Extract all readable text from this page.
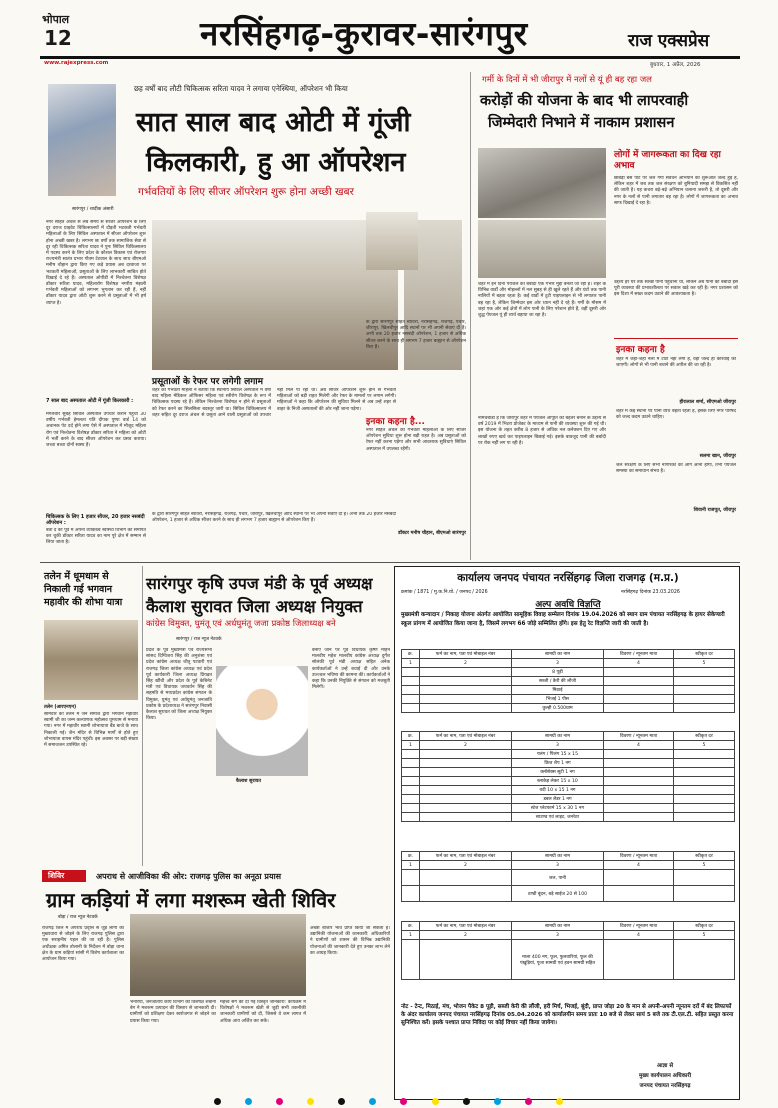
भोपाल
12	नरसिंहगढ़-कुरावर-सारंगपुर	राज एक्सप्रेस
www.rajexpress.com	बुधवार, 1 अप्रैल, 2026
छह वर्षों बाद लौटी चिकित्सक सरिता यादव ने लगाया एनेस्थिया, ऑपरेशन भी किया
सात साल बाद ओटी में गूंजी
किलकारी, हु आ ऑपरेशन
गर्भवतियों के लिए सीजर ऑपरेशन शुरू होना अच्छी खबर
सारंगपुर / शादीक अंसारी
नगर सहित अंचल से लंबे समय से सीजर ऑपरेशन के लिए दूर दराज प्राइवेट चिकित्सालयों में दौड़ती भटकती गर्भवती महिलाओं के लिए सिविल अस्पताल में सीजर ऑपरेशन शुरू होना अच्छी खबर है। लगभग छः वर्षों तक सामाजिक सेवा से दूर रही चिकित्सक सरिता यादव ने पुनः सिविल चिकित्सालय में पदस्थ करने के लिए प्रदेश के कौशल विकास एवं रोजगार राज्यमंत्री स्वतंत्र प्रभार गौतम टेटवाल के साथ साथ बीएमओ मनीष चौहान द्वारा किए गए कड़े प्रयास अब दरवाजा पर भटकती महिलाओं, प्रसूताओं के लिए लाभकारी साबित होते दिखाई दे रहे हैं। अस्पताल ओपीडी में निश्चेतना विशेषज्ञ डॉक्टर सरिता यादव, महिलारोग विशेषज्ञ नगरीय मंझली गर्भवती महिलाओं को लगभग भुगतान कर रही हैं, नहीं डॉक्टर यादव द्वारा ओटी शुरू करने से प्रसूताओं में भी हर्ष व्याप्त है।
7 साल बाद अस्पताल ओटी में गूंजी किलकारी :
मंगलवार सुबह सिविल अस्पताल उपचार कराने पहुंची 30 वर्षीय गर्भवती हेमलता पति दीपक पुष्पा वार्ड 14 को अचानक पेट दर्द होने लगा ऐसे में अस्पताल में मौजूद महिला रोग एवं निश्चेतना विशेषज्ञ डॉक्टर सरिता ने महिला को ओटी में भर्ती करने के बाद सीजर ऑपरेशन कर प्रसव कराया। जच्चा बच्चा दोनों स्वस्थ हैं।
चिकित्सक के लिए 1 हजार सीजर, 20 हजार नसबंदी ऑपरेशन :
बता दें की पूर्व में अपना व्यक्तित्व स्वास्थ्य विभाग को समर्पित कर चुकी डॉक्टर सरिता यादव का नाम पूरे क्षेत्र में सम्मान से लिया जाता है।
प्रसूताओं के रेफर पर लगेगी लगाम
शहर की गर्भवती महिला ने बताया कि स्थानीय सिविल अस्पताल में वर्षों बाद महिला मेडिकल ऑफिसर महिला एवं स्त्रीरोग विशेषज्ञ के रूप में चिकित्सक पदस्थ रहे हैं। लेकिन निश्चेतना विशेषज्ञ न होने से प्रसूताओं को रेफर करने का सिलसिला बदस्तूर जारी था। सिविल चिकित्सालय में शहर सहित दूर दराज अंचल से प्रसूता आने वाली प्रसूताओं को उपचार नहीं मिल पा रहा था। अब सीजर ऑपरेशन शुरू होने से गर्भवती महिलाओं को बड़ी राहत मिलेगी और रेफर के मामलों पर लगाम लगेगी। महिलाओं ने कहा कि ऑपरेशन की सुविधा मिलने से अब उन्हें शहर से बाहर के निजी अस्पतालों की ओर नहीं जाना पड़ेगा।
के द्वारा सारंगपुर सहित ब्यावरा, नरसिंहगढ़, राजगढ़, पचोर, जीरापुर, खिलचीपुर आदि स्थानों पर भी अपनी सेवाएं दी हैं। अभी तक 20 हजार नसबंदी ऑपरेशन, 1 हजार से अधिक सीजर करने के साथ ही लगभग 7 हजार बाह्यान से ऑपरेशन किए हैं।
के द्वारा सारंगपुर सहित ब्यावरा, नरसिंहगढ़, राजगढ़, पचोर, जीरापुर, खिलचीपुर आदि स्थानों पर भी अपनी सेवाएं दी हैं। अभी तक 20 हजार नसबंदी ऑपरेशन, 1 हजार से अधिक सीजर करने के साथ ही लगभग 7 हजार बाह्यान से ऑपरेशन किए हैं।
इनका कहना है...
नगर सहित अंचल की गर्भवती महिलाओं के लिए सीजर ऑपरेशन सुविधा शुरू होना बड़ी राहत है। अब प्रसूताओं को रेफर नहीं करना पड़ेगा और सभी आवश्यक सुविधाएं सिविल अस्पताल में उपलब्ध रहेंगी।
डॉक्टर मनीष चौहान, बीएमओ सारंगपुर
गर्मी के दिनों में भी जीरापुर में नलों से यूं ही बह रहा जल
करोड़ों की योजना के बाद भी लापरवाही
जिम्मेदारी निभाने में नाकाम प्रशासन
लोगों में जागरूकता का दिख रहा अभाव
छाबड़ी बस पाट पर जल गंगा संवर्धन अभियान की शुरूआत जल्द हुई है, लेकिन शहर में जब तक जल संरक्षण को बुनियादी समझ से विकसित नहीं की जाती है। यह कचरा बढ़े-बढ़े अभियान चलाना जरूरी है, तो दूसरी और नगर के नलों से पानी लगातार बह रहा है। लोगों में जागरूकता का अभाव साफ दिखाई दे रहा है।
शहर में इन दिनों पेयजल की बर्बादी एक गंभीर मुद्दा बनती जा रही है। शहर के विभिन्न वार्डों और मोहल्लों में नल सुबह से ही खुले रहते हैं और घंटों तक पानी नालियों में बहता रहता है। कई वार्डों में टूटी पाइपलाइन से भी लगातार पानी बह रहा है, लेकिन जिम्मेदार इस ओर ध्यान नहीं दे रहे हैं। गर्मी के मौसम में जहां एक ओर कई क्षेत्रों में लोग पानी के लिए परेशान होते हैं, वहीं दूसरी ओर शुद्ध पेयजल यूं ही व्यर्थ बहाया जा रहा है।
नीमचबाडा है कि जीरापुर शहर में पेयजल आपूर्ति को बेहतर बनाने के उद्देश्य से वर्ष 2019 में भिटरा प्रोजेक्ट के माध्यम से पानी की व्यवस्था शुरू की गई थी। इस योजना के तहत करीब 8 हजार से अधिक नल कनेक्शन दिए गए और लाखों रुपए खर्च कर पाइपलाइन बिछाई गई। इसके बावजूद पानी की बर्बादी पर रोक नहीं लग पा रही है।
उद्देश्य हर घर तक स्वच्छ पानी पहुंचाना था, लेकिन अब पानी की बर्बादी इस पूरी व्यवस्था की प्रभावशीलता पर सवाल खड़े कर रही है। नगर प्रशासन को इस दिशा में सख्त कदम उठाने की आवश्यकता है।
इनका कहना है
शहर में जहां-जहां नलों में टोंटी नहीं लगी है, वहां जल्द ही कार्रवाई की जाएगी। लोगों से भी पानी बचाने की अपील की जा रही है।
हीरालाल शर्मा, सीएमओ जीरापुर
शहर में कई स्थानों पर पानी व्यर्थ बहता रहता है, इसके लिए नगर परिषद को जल्द कदम उठाने चाहिए।
सलमा खान, जीरापुर
जल संरक्षण के लिए सभी नागरिकों को आगे आना होगा, तभी पेयजल समस्या का समाधान संभव है।
शिवानी राजपूत, जीरापुर
तलेन में धूमधाम से निकाली गई भगवान महावीर की शोभा यात्रा
तलेन (आरएनएन)
सोमवार को तलेन में जैन समाज द्वारा भगवान महावीर स्वामी जी का जन्म कल्याणक महोत्सव धूमधाम से मनाया गया। नगर में महावीर स्वामी शोभायात्रा बैंड बाजे के साथ निकाली गई। जैन मंदिर से विभिन्न मार्गों से होते हुए शोभायात्रा वापस मंदिर पहुंची। इस अवसर पर बड़ी संख्या में समाजजन उपस्थित रहे।
सारंगपुर कृषि उपज मंडी के पूर्व अध्यक्ष
कैलाश सुरावत जिला अध्यक्ष नियुक्त
कांग्रेस विमुक्त, घुमंतू एवं अर्धघुमंतू जजा प्रकोष्ठ जिलाध्यक्ष बने
सारंगपुर / राज न्यूज नेटवर्क
प्रदेश के पूर्व मुख्यमंत्री एवं राज्यसभा सांसद दिग्विजय सिंह की अनुशंसा एवं प्रदेश कांग्रेस अध्यक्ष जीतू पटवारी एवं राजगढ़ जिला कांग्रेस अध्यक्ष एवं प्रदेश पूर्व कार्यकारी जिला अध्यक्ष प्रियव्रत सिंह खींची और प्रदेश के पूर्व केबिनेट मंत्री एवं विधायक जयवर्धन सिंह की सहमति से मध्यप्रदेश कांग्रेस संगठन के विमुक्त, घुमंतू एवं अर्धघुमंतू जनजाति प्रकोष्ठ के प्रदेशाध्यक्ष ने सारंगपुर निवासी कैलाश सुरावत को जिला अध्यक्ष नियुक्त किया।
बनाए जाने पर पूर्व विधायक कृष्ण मोहन मालवीय महेश मालवीय कांग्रेस अध्यक्ष दुर्गेश सोलंकी पूर्व मंडी अध्यक्ष सहित अनेक कार्यकर्ताओं ने उन्हें बधाई दी और उनके उज्ज्वल भविष्य की कामना की। कार्यकर्ताओं ने कहा कि उनकी नियुक्ति से संगठन को मजबूती मिलेगी।
कैलाश सुरावत
शिविर	अपराध से आजीविका की ओर: राजगढ़ पुलिस का अनूठा प्रयास
ग्राम कड़ियां में लगा मशरूम खेती शिविर
बोड़ा / राज न्यूज नेटवर्क
राजगढ़ जिले में अपराध प्रवृत्ति से जुड़े लोगों को मुख्यधारा से जोड़ने के लिए राजगढ़ पुलिस द्वारा एक सराहनीय पहल की जा रही है। पुलिस अधीक्षक अमित तोलानी के निर्देशन में बोड़ा थाना क्षेत्र के ग्राम कड़ियां सांसी में विशेष कार्यशाला का आयोजन किया गया।
भनेरिया, जनजातीय कार्य विभाग की विशेषज्ञ शबाना बेग ने मशरूम उत्पादन की विस्तार से जानकारी दी। ग्रामीणों को प्रशिक्षण देकर स्वरोजगार से जोड़ने का प्रयास किया गया।
महत्त्व संगे की दी गई विस्तृत जानकारी: कार्यक्रम में विशेषज्ञों ने मशरूम खेती से जुड़ी सभी तकनीकी जानकारी ग्रामीणों को दी, जिससे वे कम लागत में अधिक आय अर्जित कर सकें।
अच्छा बाजार भाव प्राप्त किया जा सकता है। उद्यानिकी योजनाओं की जानकारी: अधिकारियों ने ग्रामीणों को शासन की विभिन्न उद्यानिकी योजनाओं की जानकारी देते हुए उनका लाभ लेने का आग्रह किया।
कार्यालय जनपद पंचायत नरसिंहगढ़ जिला राजगढ़ (म.प्र.)
क्रमांक / 1871 / मु.क.नि.यो. / जनपद / 2026	नरसिंहगढ़ दिनांक 23.03.2026
अल्प अवधि विज्ञप्ति
मुख्यमंत्री कन्यादान / निकाह योजना अंतर्गत आयोजित सामूहिक विवाह सम्मेलन दिनांक 19.04.2026 को स्थान ग्राम पंचायत नरसिंहगढ़ के हायर सेकेण्डरी स्कूल प्रांगण में आयोजित किया जाना है, जिसमें लगभग 66 जोड़े सम्मिलित होंगे। इस हेतु रेट विज्ञप्ति जारी की जाती है।
क्र.	फर्म का नाम, पता एवं मोबाइल नंबर	सामग्री का नाम	विवरण / न्यूनतम मात्रा	स्वीकृत दर
1	2	3	4	5
		8 पूड़ी		
		सब्जी / कैरी की लौंजी		
		मिठाई		
		भिजई 1 पीस		
		कुल्ही 0.500ग्राम		
क्र.	फर्म का नाम, पता एवं मोबाइल नंबर	सामग्री का नाम	विवरण / न्यूनतम मात्रा	स्वीकृत दर
1	2	3	4	5
		पलंग / पिलंग 15 x 15		
		फ्रिज शैप 1 नग		
		क्लॉसेक्स सूटी 1 नग		
		ब्लाकेड़ लेकर 15 x 10		
		वदी 10 x 15 1 नग		
		डबल लैडर 1 नग		
		स्टेज प्लेटफार्म 15 x 30 1 नग		
		साउण्ड एवं लाइट, जनरेटर		
क्र.	फर्म का नाम, पता एवं मोबाइल नंबर	सामग्री का नाम	विवरण / न्यूनतम मात्रा	स्वीकृत दर
1	2	3	4	5
		जल, पानी		
		ठण्डी बूंदन, बड़े साईज 20 से 100		
क्र.	फर्म का नाम, पता एवं मोबाइल नंबर	सामग्री का नाम	विवरण / न्यूनतम मात्रा	स्वीकृत दर
1	2	3	4	5
		माला 400 नग, फूल, फुलवारियां, फूल की पंखुड़ियां, पूजा सामग्री एवं हवन सामग्री सहित		
नोट - टेन्ट, मिठाई, मंच, भोजन पैकेट 8 पूड़ी, सब्जी केरी की लौंजी, हरी मिर्च, भिजई, बूंदी, प्राप्त जोड़ा 20 के मान से अपनी-अपनी न्यूनतम दरों में बंद लिफाफों के अंदर कार्यालय जनपद पंचायत नरसिंहगढ़ दिनांक 05.04.2026 को कार्यालयीन समय प्रातः 10 बजे से लेकर सायं 5 बजे तक टी.एल.टी. सहित प्रस्तुत करना सुनिश्चित करें। इसके पश्चात प्राप्त निविदा पर कोई विचार नहीं किया जायेगा।
आज्ञा से
मुख्य कार्यपालन अधिकारी
जनपद पंचायत नरसिंहगढ़
